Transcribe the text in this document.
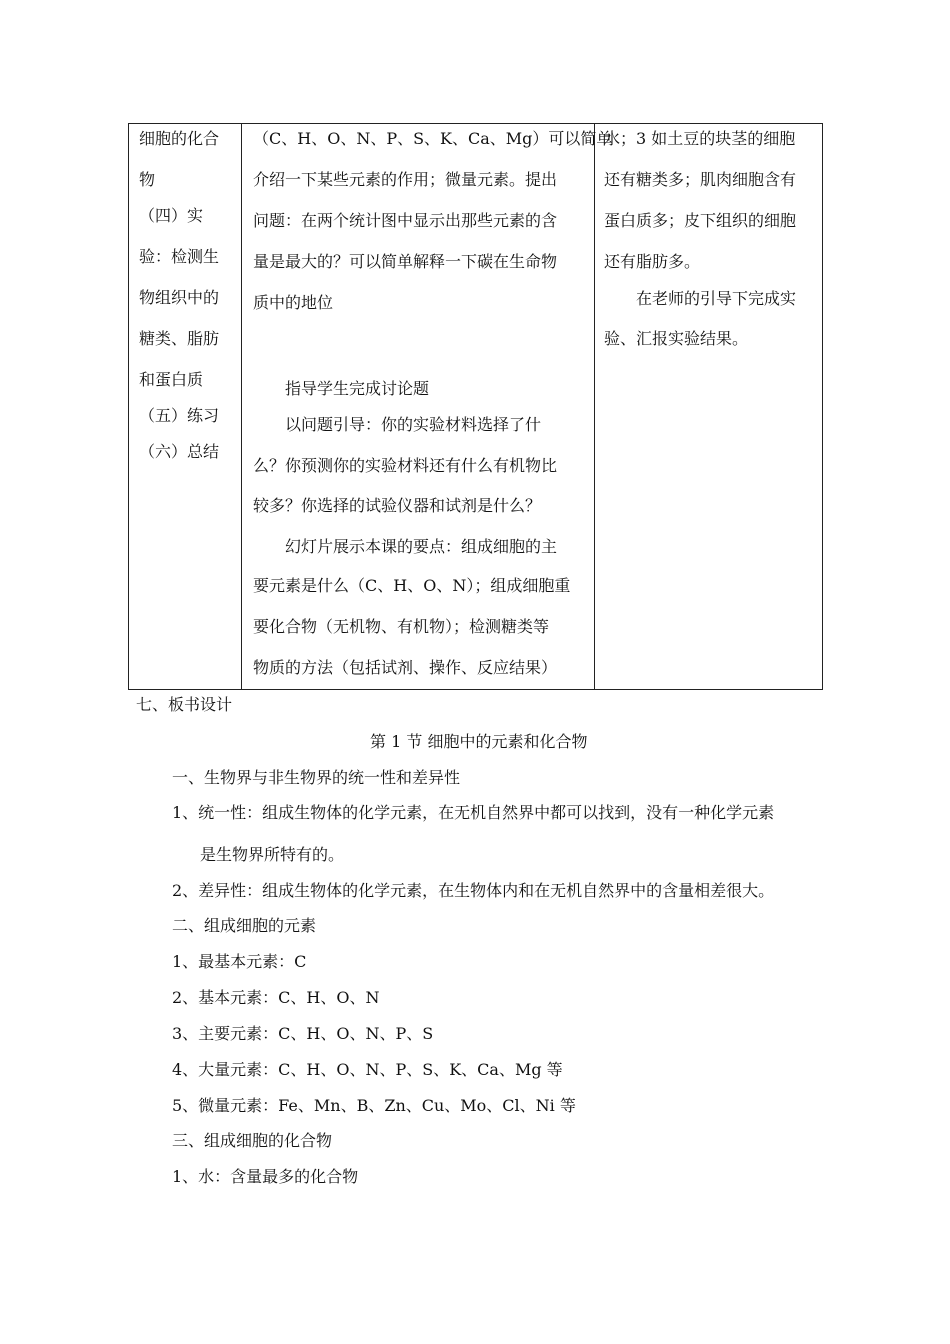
细胞的化合
物
（四）实
验：检测生
物组织中的
糖类、脂肪
和蛋白质
（五）练习
（六）总结
（C、H、O、N、P、S、K、Ca、Mg）可以简单
介绍一下某些元素的作用；微量元素。提出
问题：在两个统计图中显示出那些元素的含
量是最大的？可以简单解释一下碳在生命物
质中的地位
指导学生完成讨论题
以问题引导：你的实验材料选择了什
么？你预测你的实验材料还有什么有机物比
较多？你选择的试验仪器和试剂是什么？
幻灯片展示本课的要点：组成细胞的主
要元素是什么（C、H、O、N）；组成细胞重
要化合物（无机物、有机物）；检测糖类等
物质的方法（包括试剂、操作、反应结果）
水；3 如土豆的块茎的细胞
还有糖类多；肌肉细胞含有
蛋白质多；皮下组织的细胞
还有脂肪多。
在老师的引导下完成实
验、汇报实验结果。
七、板书设计
第 1 节 细胞中的元素和化合物
一、生物界与非生物界的统一性和差异性
1、统一性：组成生物体的化学元素，在无机自然界中都可以找到，没有一种化学元素
是生物界所特有的。
2、差异性：组成生物体的化学元素，在生物体内和在无机自然界中的含量相差很大。
二、组成细胞的元素
1、最基本元素：C
2、基本元素：C、H、O、N
3、主要元素：C、H、O、N、P、S
4、大量元素：C、H、O、N、P、S、K、Ca、Mg 等
5、微量元素：Fe、Mn、B、Zn、Cu、Mo、Cl、Ni 等
三、组成细胞的化合物
1、水：含量最多的化合物
